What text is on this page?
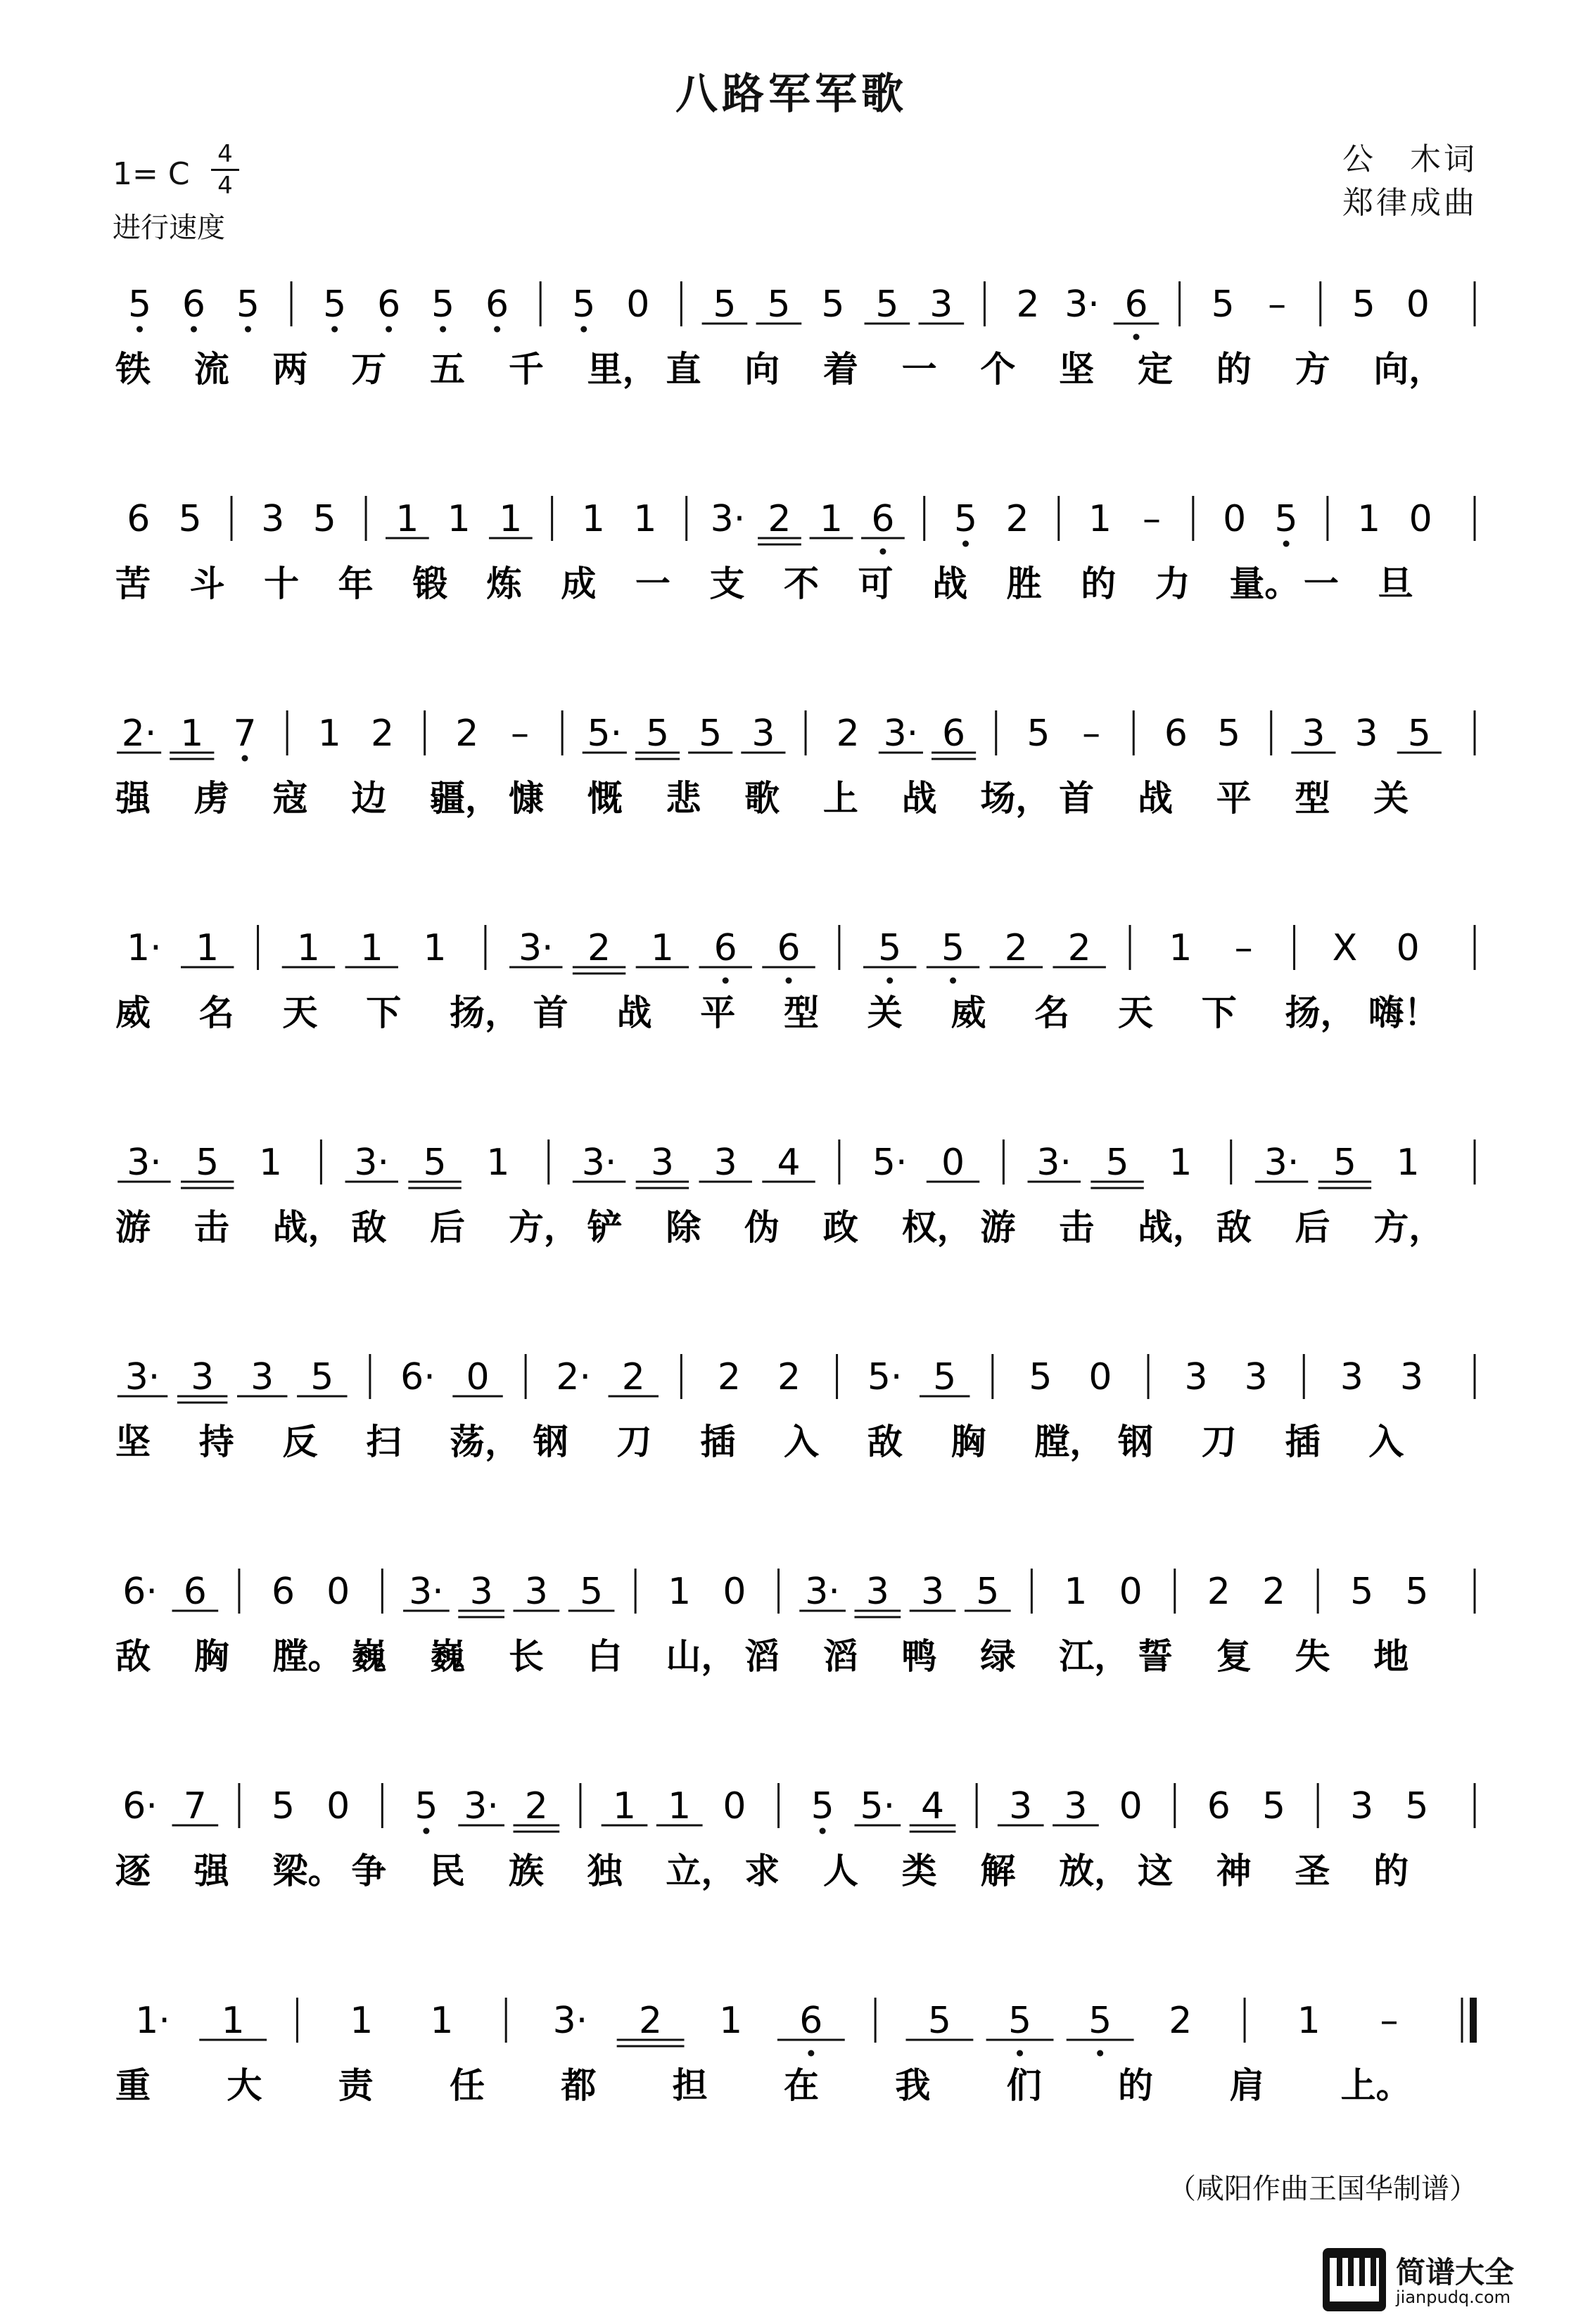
八路军军歌
1= C
4
4
进行速度
公　木词
郑律成曲
5 6 5 5 6 5 6 5 0 5 5 5 5 3 2 3· 6 5 – 5 0
铁 流 两 万 五 千 里， 直 向 着 一 个 坚 定 的 方 向，
6 5 3 5 1 1 1 1 1 3· 2 1 6 5 2 1 – 0 5 1 0
苦 斗 十 年 锻 炼 成 一 支 不 可 战 胜 的 力 量。 一 旦
2· 1 7 1 2 2 – 5· 5 5 3 2 3· 6 5 – 6 5 3 3 5
强 虏 寇 边 疆， 慷 慨 悲 歌 上 战 场， 首 战 平 型 关
1· 1 1 1 1 3· 2 1 6 6 5 5 2 2 1 – X 0
威 名 天 下 扬， 首 战 平 型 关 威 名 天 下 扬， 嗨！
3· 5 1 3· 5 1 3· 3 3 4 5· 0 3· 5 1 3· 5 1
游 击 战， 敌 后 方， 铲 除 伪 政 权， 游 击 战， 敌 后 方，
3· 3 3 5 6· 0 2· 2 2 2 5· 5 5 0 3 3 3 3
坚 持 反 扫 荡， 钢 刀 插 入 敌 胸 膛， 钢 刀 插 入
6· 6 6 0 3· 3 3 5 1 0 3· 3 3 5 1 0 2 2 5 5
敌 胸 膛。 巍 巍 长 白 山， 滔 滔 鸭 绿 江， 誓 复 失 地
6· 7 5 0 5 3· 2 1 1 0 5 5· 4 3 3 0 6 5 3 5
逐 强 梁。 争 民 族 独 立， 求 人 类 解 放， 这 神 圣 的
1· 1	1 1	3· 2 1 6	5 5 5 2	1 –
重 大 责 任 都 担 在 我 们 的 肩 上。
（咸阳作曲王国华制谱）
简谱大全
jianpudq.com
